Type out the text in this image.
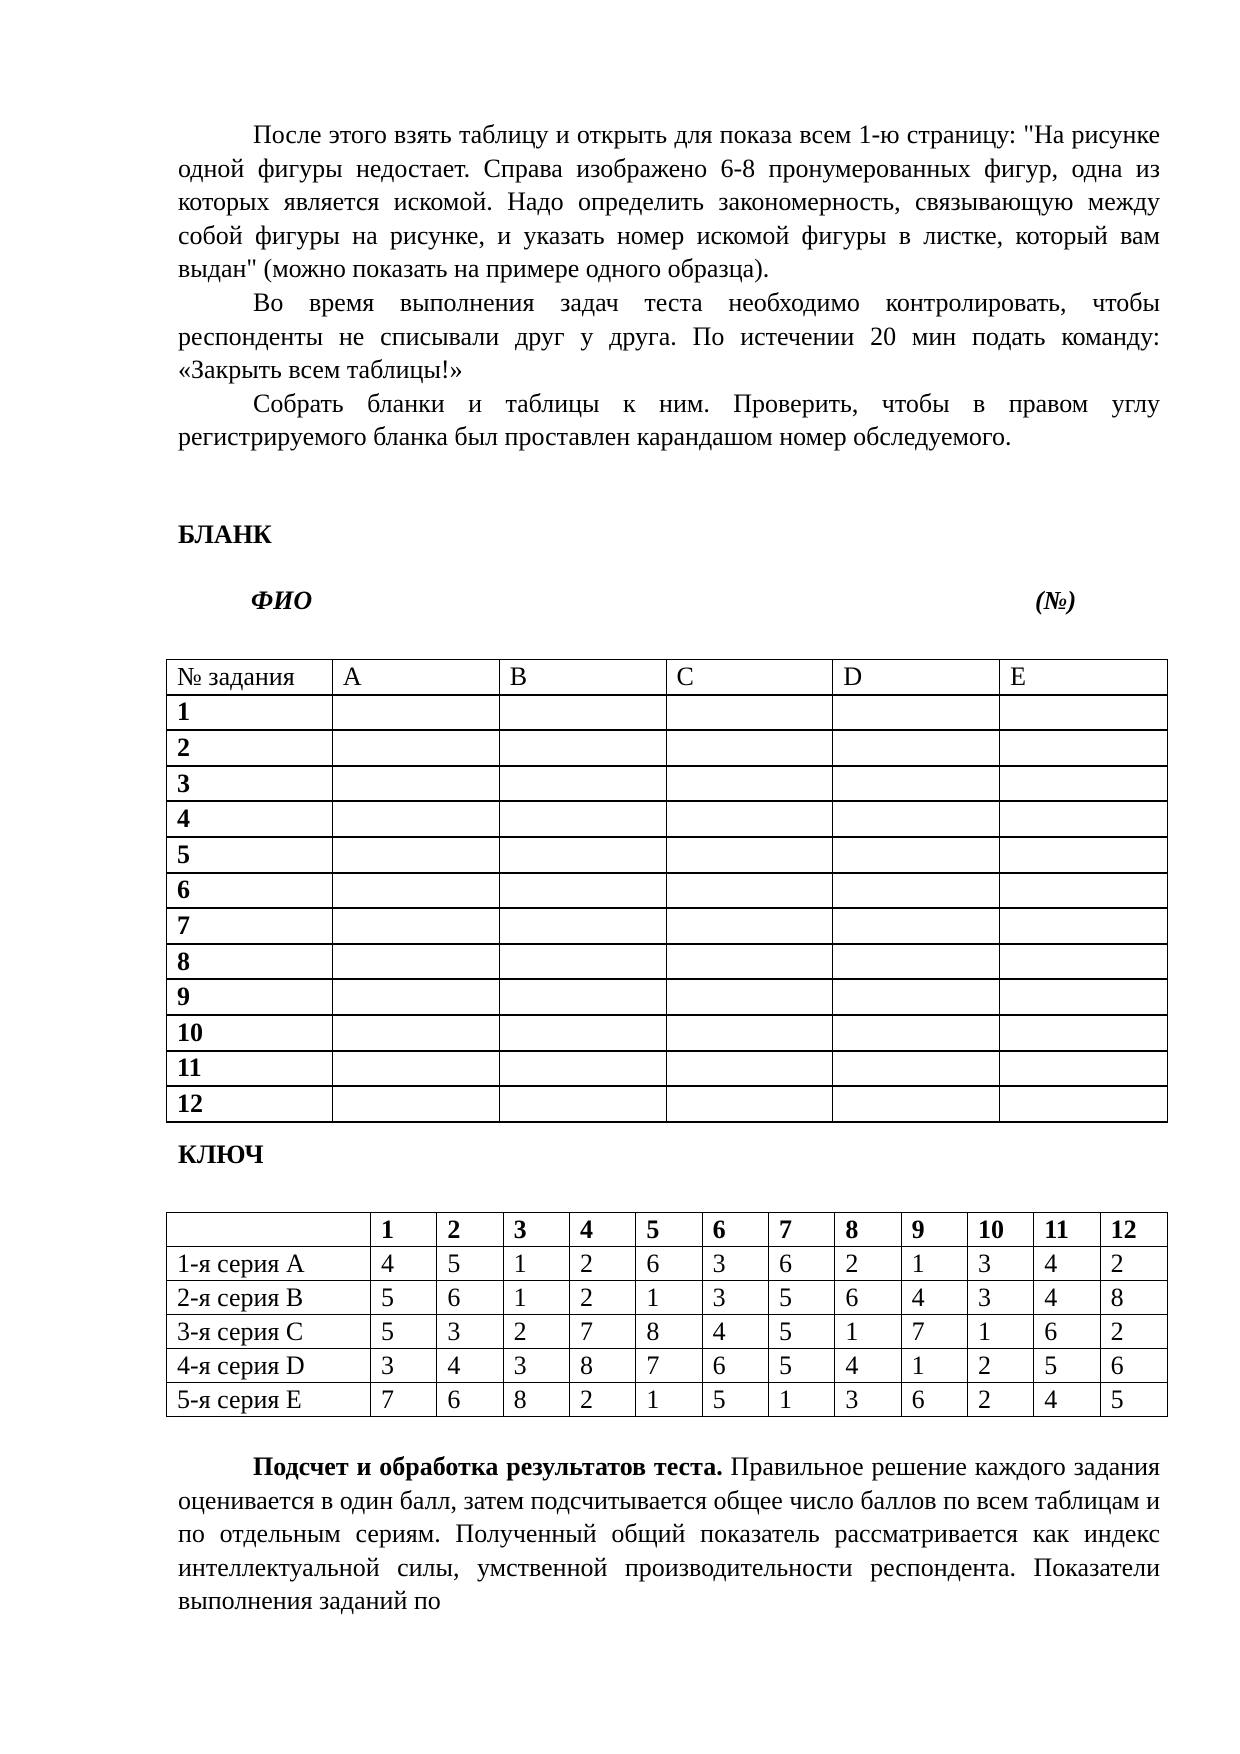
После этого взять таблицу и открыть для показа всем 1-ю страницу: "На рисунке одной фигуры недостает. Справа изображено 6-8 пронумерованных фигур, одна из которых является искомой. Надо определить закономерность, связывающую между собой фигуры на рисунке, и указать номер искомой фигуры в листке, который вам выдан" (можно показать на примере одного образца).

Во время выполнения задач теста необходимо контролировать, чтобы респонденты не списывали друг у друга. По истечении 20 мин подать команду: «Закрыть всем таблицы!»

Собрать бланки и таблицы к ним. Проверить, чтобы в правом углу регистрируемого бланка был проставлен карандашом номер обследуемого.

БЛАНК

ФИО	(№)
№ задания	A	B	C	D	E
1					
2					
3					
4					
5					
6					
7					
8					
9					
10					
11					
12					

КЛЮЧ

	1	2	3	4	5	6	7	8	9	10	11	12
1-я серия A	4	5	1	2	6	3	6	2	1	3	4	2
2-я серия B	5	6	1	2	1	3	5	6	4	3	4	8
3-я серия C	5	3	2	7	8	4	5	1	7	1	6	2
4-я серия D	3	4	3	8	7	6	5	4	1	2	5	6
5-я серия E	7	6	8	2	1	5	1	3	6	2	4	5

Подсчет и обработка результатов теста. Правильное решение каждого задания оценивается в один балл, затем подсчитывается общее число баллов по всем таблицам и по отдельным сериям. Полученный общий показатель рассматривается как индекс интеллектуальной силы, умственной производительности респондента. Показатели выполнения заданий по
